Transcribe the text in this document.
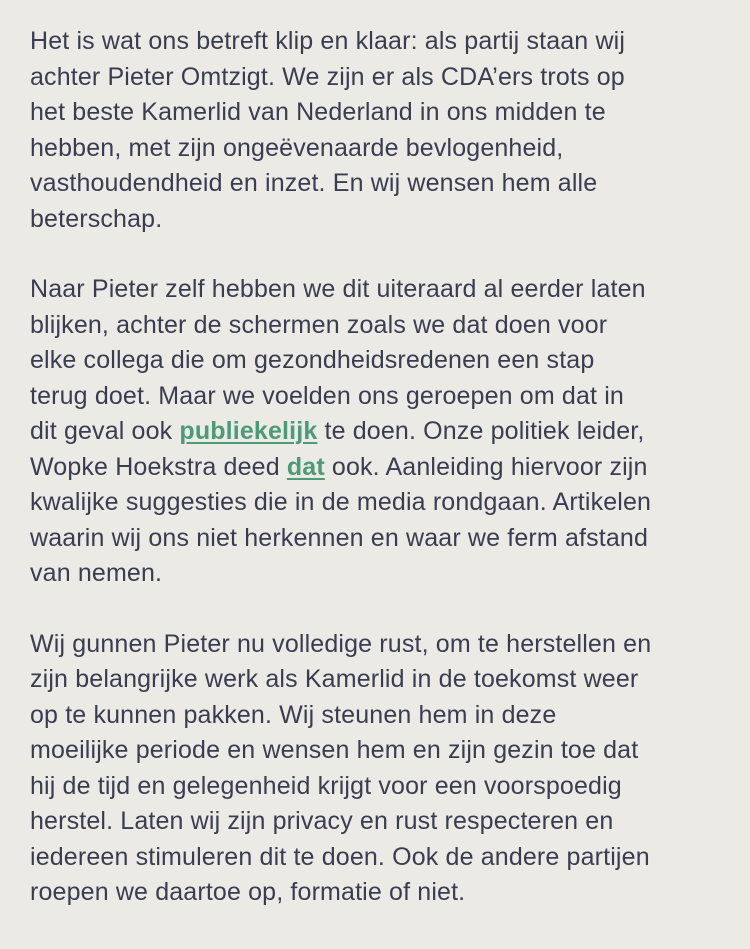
Het is wat ons betreft klip en klaar: als partij staan wij
achter Pieter Omtzigt. We zijn er als CDA’ers trots op
het beste Kamerlid van Nederland in ons midden te
hebben, met zijn ongeëvenaarde bevlogenheid,
vasthoudendheid en inzet. En wij wensen hem alle
beterschap.
Naar Pieter zelf hebben we dit uiteraard al eerder laten
blijken, achter de schermen zoals we dat doen voor
elke collega die om gezondheidsredenen een stap
terug doet. Maar we voelden ons geroepen om dat in
dit geval ook publiekelijk te doen. Onze politiek leider,
Wopke Hoekstra deed dat ook. Aanleiding hiervoor zijn
kwalijke suggesties die in de media rondgaan. Artikelen
waarin wij ons niet herkennen en waar we ferm afstand
van nemen.
Wij gunnen Pieter nu volledige rust, om te herstellen en
zijn belangrijke werk als Kamerlid in de toekomst weer
op te kunnen pakken. Wij steunen hem in deze
moeilijke periode en wensen hem en zijn gezin toe dat
hij de tijd en gelegenheid krijgt voor een voorspoedig
herstel. Laten wij zijn privacy en rust respecteren en
iedereen stimuleren dit te doen. Ook de andere partijen
roepen we daartoe op, formatie of niet.
